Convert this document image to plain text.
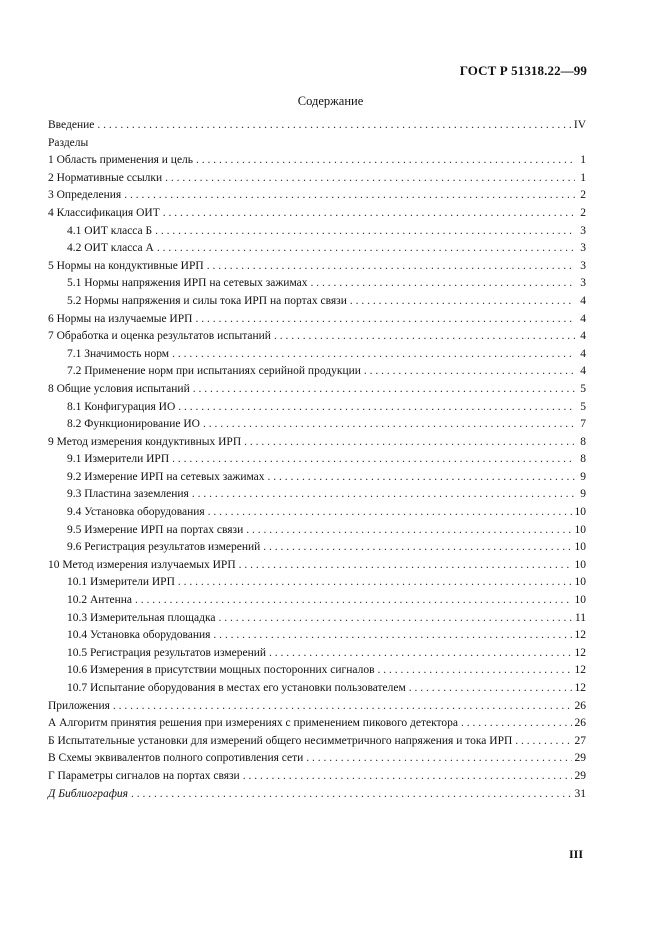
ГОСТ Р 51318.22—99
Содержание
Введение . . .	IV
Разделы
1 Область применения и цель . . .	1
2 Нормативные ссылки . . .	1
3 Определения . . .	2
4 Классификация ОИТ . . .	2
4.1 ОИТ класса Б . . .	3
4.2 ОИТ класса А . . .	3
5 Нормы на кондуктивные ИРП . . .	3
5.1 Нормы напряжения ИРП на сетевых зажимах . . .	3
5.2 Нормы напряжения и силы тока ИРП на портах связи . . .	4
6 Нормы на излучаемые ИРП . . .	4
7 Обработка и оценка результатов испытаний . . .	4
7.1 Значимость норм . . .	4
7.2 Применение норм при испытаниях серийной продукции . . .	4
8 Общие условия испытаний . . .	5
8.1 Конфигурация ИО . . .	5
8.2 Функционирование ИО . . .	7
9 Метод измерения кондуктивных ИРП . . .	8
9.1 Измерители ИРП . . .	8
9.2 Измерение ИРП на сетевых зажимах . . .	9
9.3 Пластина заземления . . .	9
9.4 Установка оборудования . . .	10
9.5 Измерение ИРП на портах связи . . .	10
9.6 Регистрация результатов измерений . . .	10
10 Метод измерения излучаемых ИРП . . .	10
10.1 Измерители ИРП . . .	10
10.2 Антенна . . .	10
10.3 Измерительная площадка . . .	11
10.4 Установка оборудования . . .	12
10.5 Регистрация результатов измерений . . .	12
10.6 Измерения в присутствии мощных посторонних сигналов . . .	12
10.7 Испытание оборудования в местах его установки пользователем . . .	12
Приложения . . .	26
А Алгоритм принятия решения при измерениях с применением пикового детектора . . .	26
Б Испытательные установки для измерений общего несимметричного напряжения и тока ИРП . . .	27
В Схемы эквивалентов полного сопротивления сети . . .	29
Г Параметры сигналов на портах связи . . .	29
Д Библиография . . .	31
III
